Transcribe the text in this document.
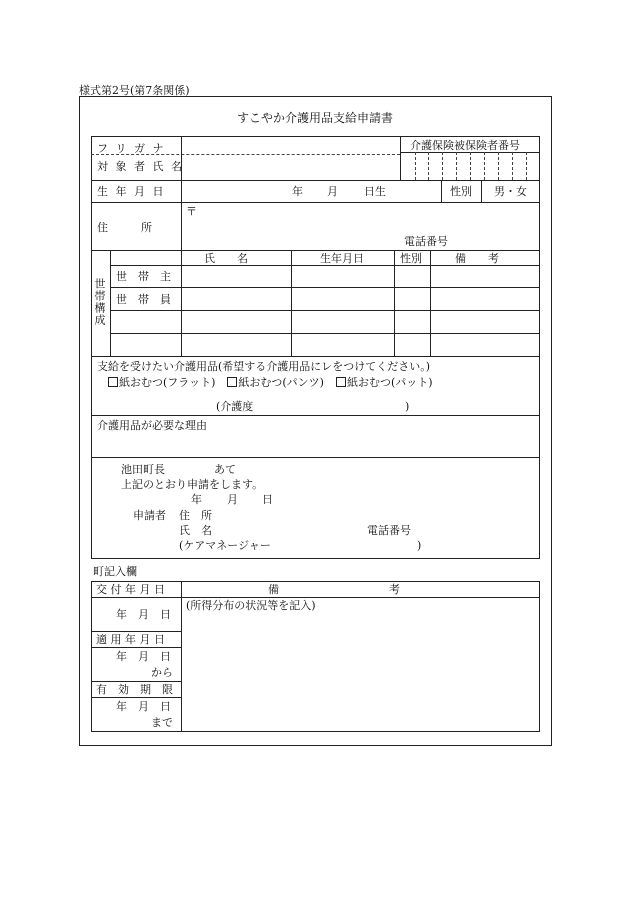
様式第2号(第7条関係)
すこやか介護用品支給申請書
フ リ ガ ナ
対 象 者 氏 名
介護保険被保険者番号
生 年 月 日	年 月 日生	性別 男・女
住　　　所
〒
電話番号
世帯構成
氏　　名	生年月日	性別	備　　考
世　帯　主
世　帯　員
支給を受けたい介護用品(希望する介護用品にレをつけてください。)
紙おむつ(フラット) 紙おむつ(パンツ) 紙おむつ(パット)
(介護度	)
介護用品が必要な理由
池田町長	あて
上記のとおり申請をします。
年 月 日
申請者 住　所
氏　名	電話番号
(ケアマネージャー	)
町記入欄
交 付 年 月 日	備　　　　　　　　　　考
(所得分布の状況等を記入)
年　月　日
適 用 年 月 日
年　月　日
から
有　効　期　限
年　月　日
まで
